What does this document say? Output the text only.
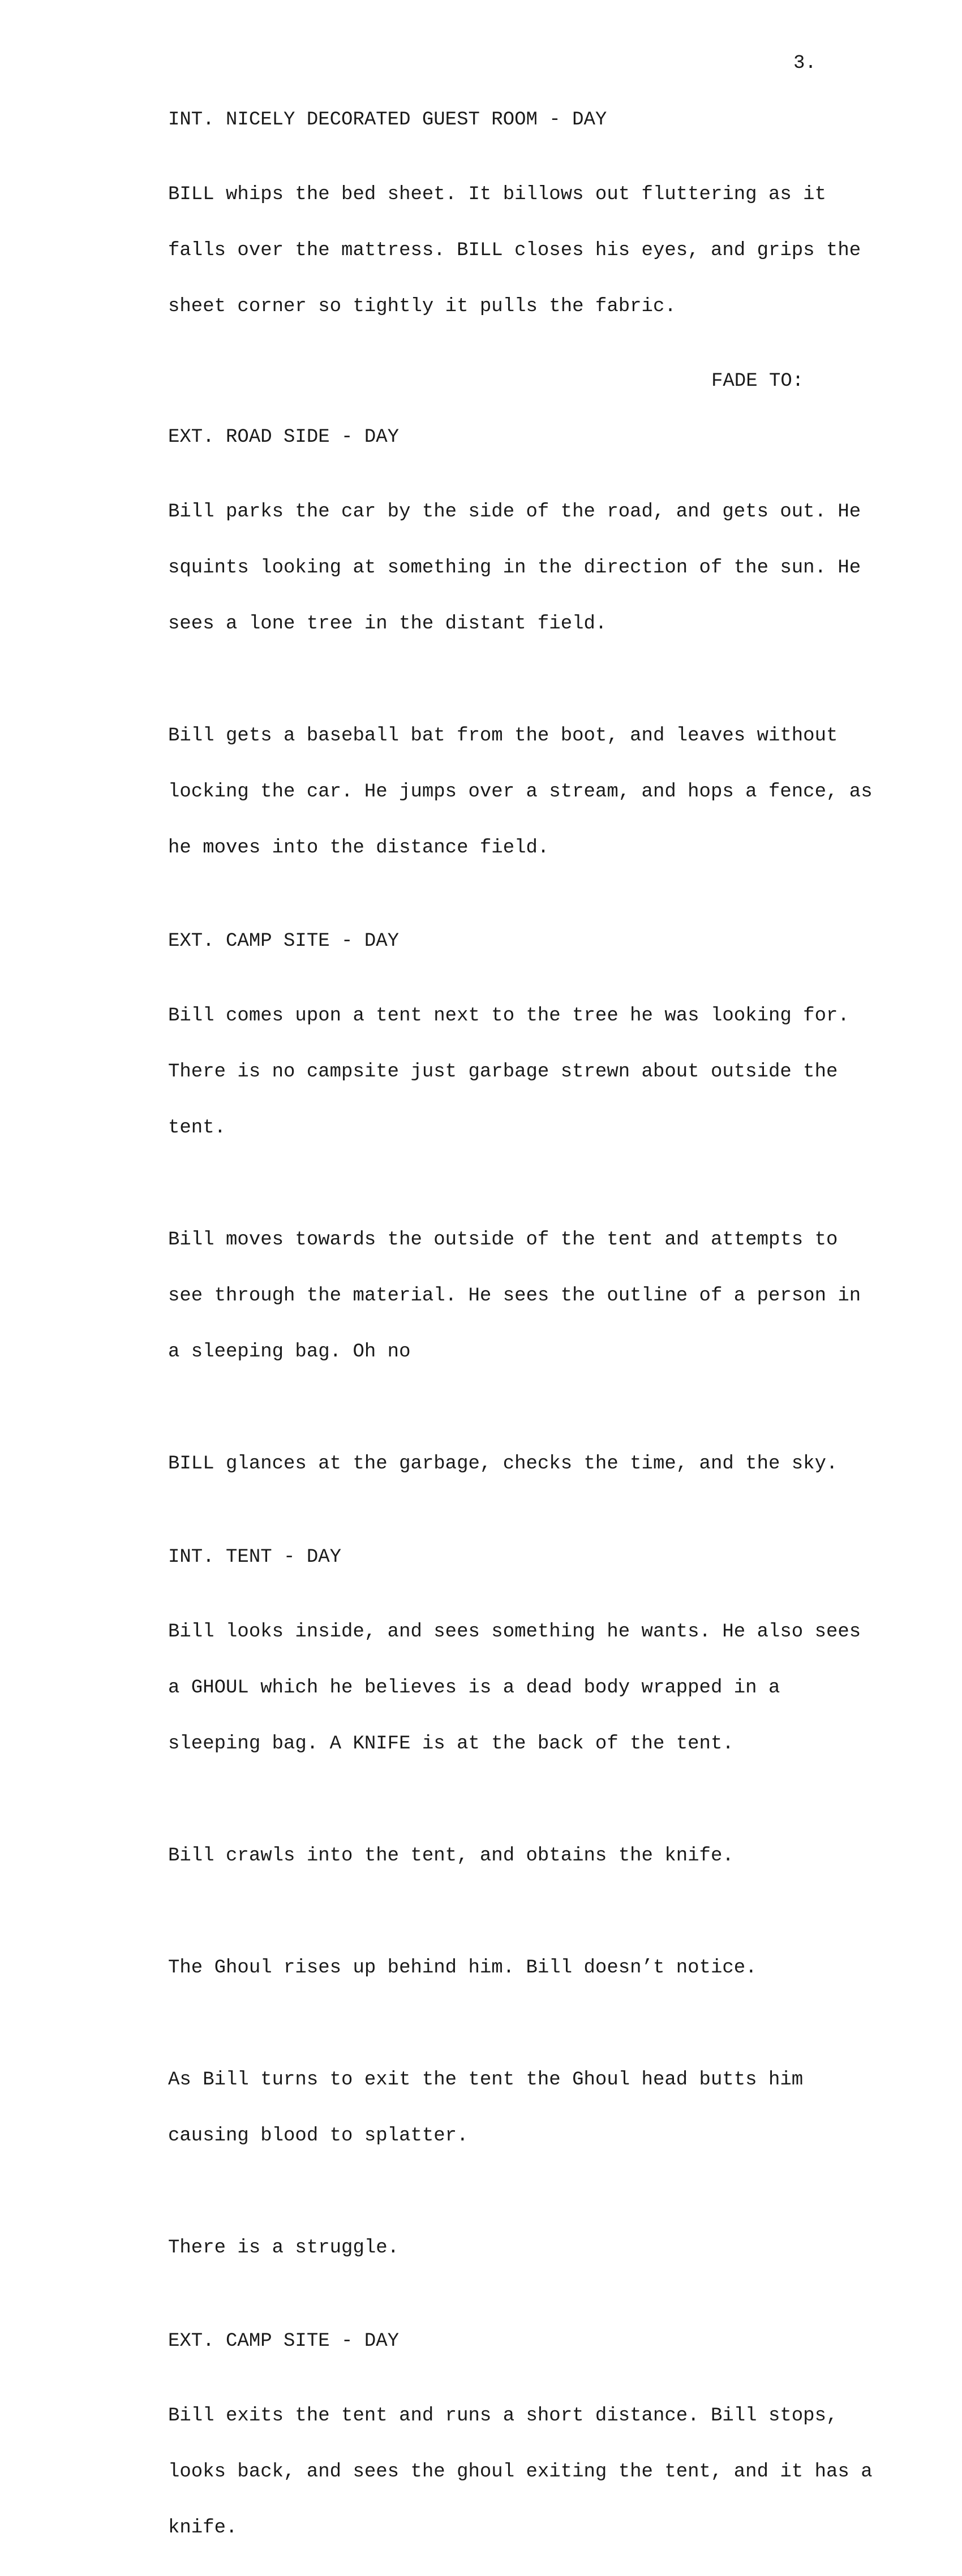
3.
INT. NICELY DECORATED GUEST ROOM - DAY

BILL whips the bed sheet. It billows out fluttering as it

falls over the mattress. BILL closes his eyes, and grips the

sheet corner so tightly it pulls the fabric.

FADE TO:
EXT. ROAD SIDE - DAY

Bill parks the car by the side of the road, and gets out. He

squints looking at something in the direction of the sun. He

sees a lone tree in the distant field.

Bill gets a baseball bat from the boot, and leaves without

locking the car. He jumps over a stream, and hops a fence, as

he moves into the distance field.

EXT. CAMP SITE - DAY

Bill comes upon a tent next to the tree he was looking for.

There is no campsite just garbage strewn about outside the

tent.

Bill moves towards the outside of the tent and attempts to

see through the material. He sees the outline of a person in

a sleeping bag. Oh no

BILL glances at the garbage, checks the time, and the sky.

INT. TENT - DAY

Bill looks inside, and sees something he wants. He also sees

a GHOUL which he believes is a dead body wrapped in a

sleeping bag. A KNIFE is at the back of the tent.

Bill crawls into the tent, and obtains the knife.

The Ghoul rises up behind him. Bill doesn’t notice.

As Bill turns to exit the tent the Ghoul head butts him

causing blood to splatter.

There is a struggle.

EXT. CAMP SITE - DAY

Bill exits the tent and runs a short distance. Bill stops,

looks back, and sees the ghoul exiting the tent, and it has a

knife.
